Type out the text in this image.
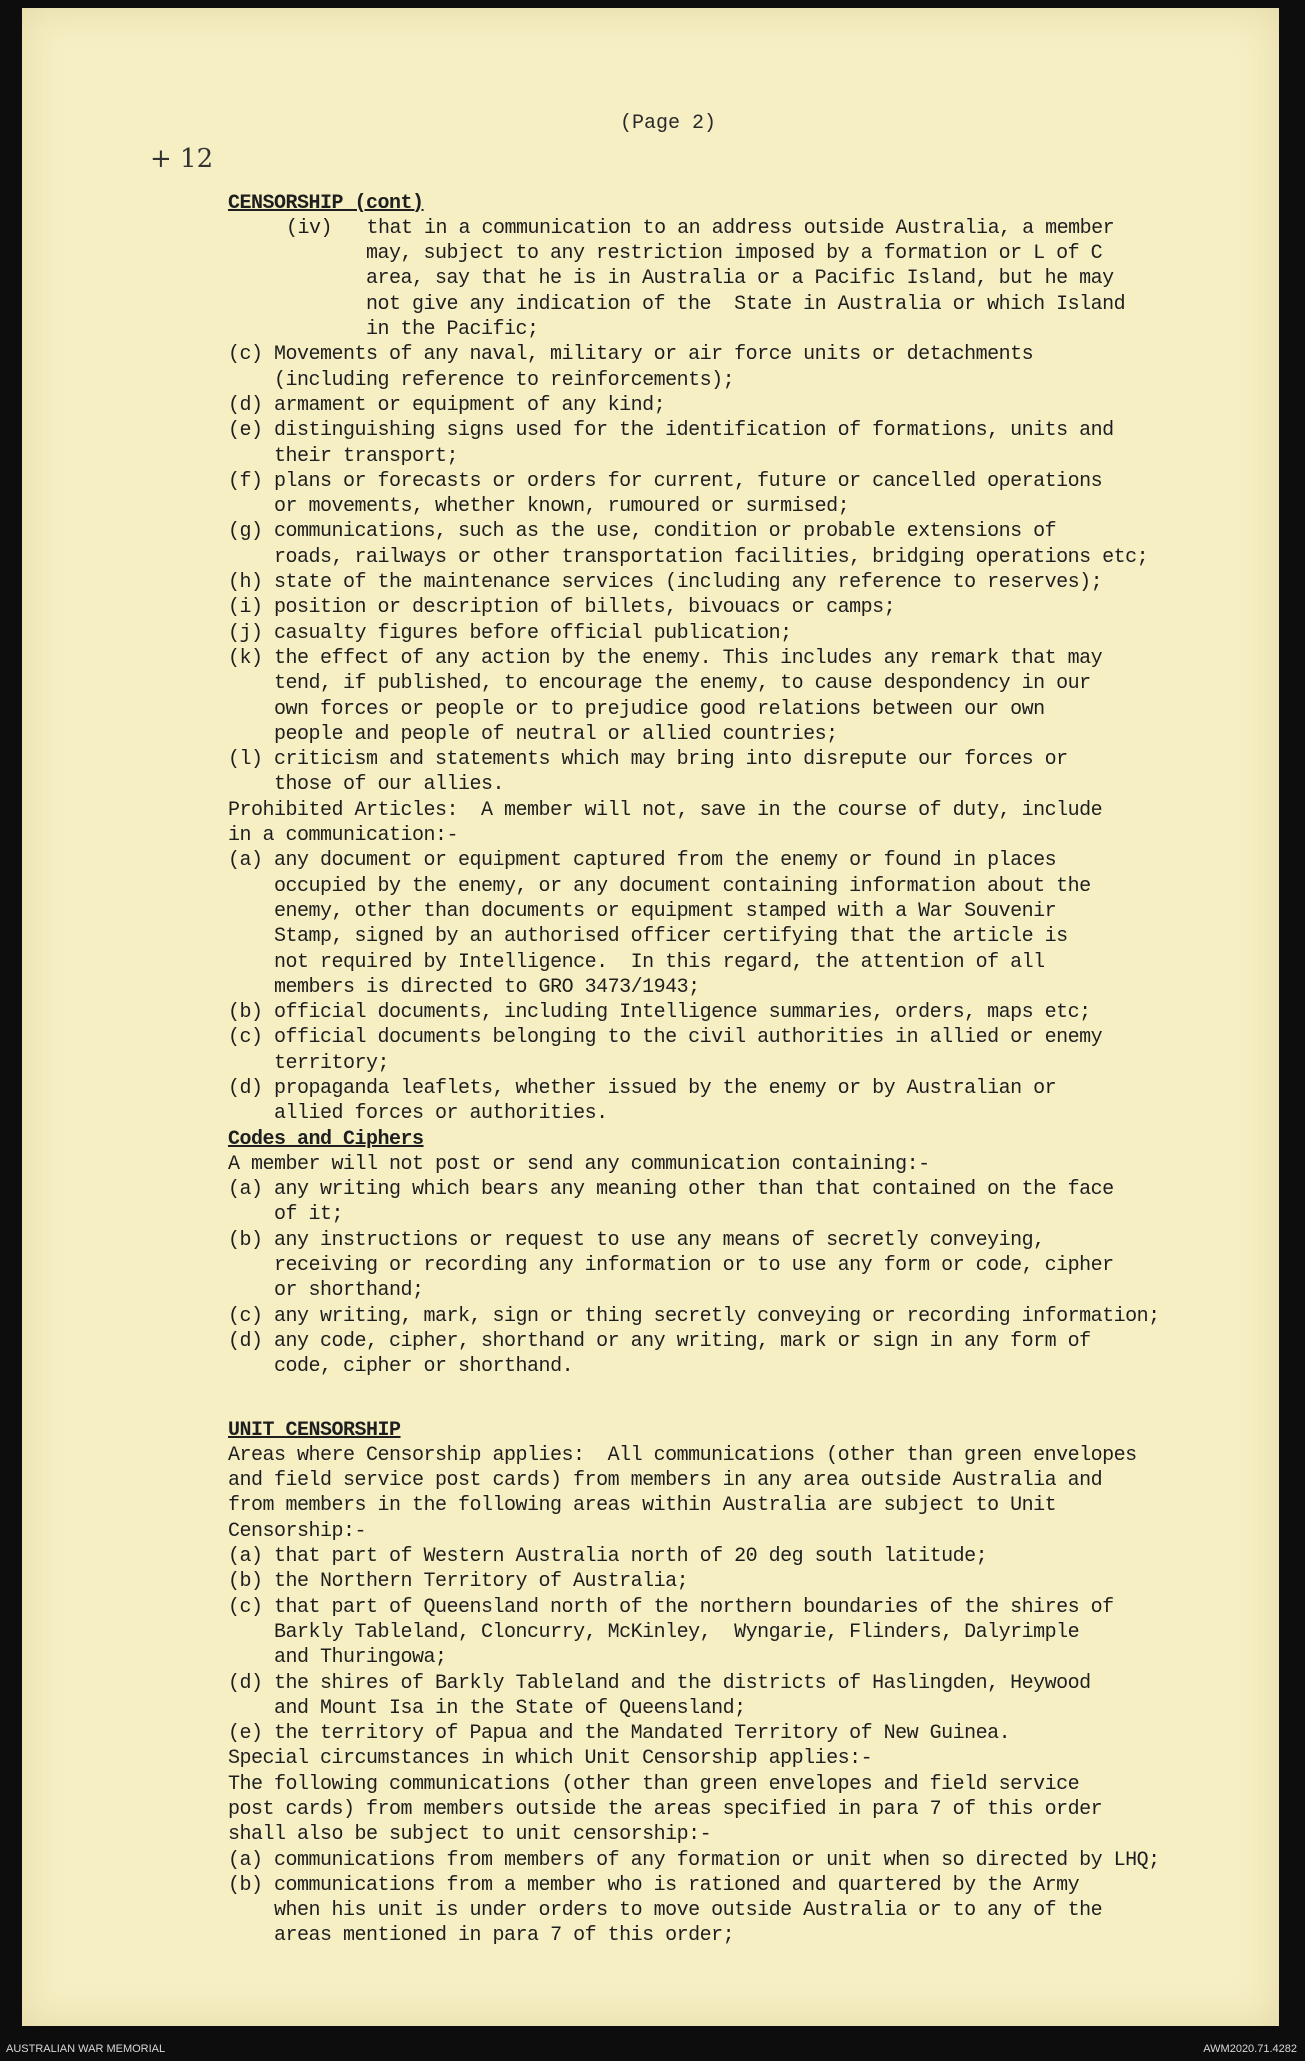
(Page 2)
+ 12

CENSORSHIP (cont)

(iv)   that in a communication to an address outside Australia, a member

may, subject to any restriction imposed by a formation or L of C

area, say that he is in Australia or a Pacific Island, but he may

not give any indication of the  State in Australia or which Island

in the Pacific;

(c) Movements of any naval, military or air force units or detachments

(including reference to reinforcements);

(d) armament or equipment of any kind;

(e) distinguishing signs used for the identification of formations, units and

their transport;

(f) plans or forecasts or orders for current, future or cancelled operations

or movements, whether known, rumoured or surmised;

(g) communications, such as the use, condition or probable extensions of

roads, railways or other transportation facilities, bridging operations etc;

(h) state of the maintenance services (including any reference to reserves);

(i) position or description of billets, bivouacs or camps;

(j) casualty figures before official publication;

(k) the effect of any action by the enemy. This includes any remark that may

tend, if published, to encourage the enemy, to cause despondency in our

own forces or people or to prejudice good relations between our own

people and people of neutral or allied countries;

(l) criticism and statements which may bring into disrepute our forces or

those of our allies.

Prohibited Articles:  A member will not, save in the course of duty, include

in a communication:-

(a) any document or equipment captured from the enemy or found in places

occupied by the enemy, or any document containing information about the

enemy, other than documents or equipment stamped with a War Souvenir

Stamp, signed by an authorised officer certifying that the article is

not required by Intelligence.  In this regard, the attention of all

members is directed to GRO 3473/1943;

(b) official documents, including Intelligence summaries, orders, maps etc;

(c) official documents belonging to the civil authorities in allied or enemy

territory;

(d) propaganda leaflets, whether issued by the enemy or by Australian or

allied forces or authorities.

Codes and Ciphers

A member will not post or send any communication containing:-

(a) any writing which bears any meaning other than that contained on the face

of it;

(b) any instructions or request to use any means of secretly conveying,

receiving or recording any information or to use any form or code, cipher

or shorthand;

(c) any writing, mark, sign or thing secretly conveying or recording information;

(d) any code, cipher, shorthand or any writing, mark or sign in any form of

code, cipher or shorthand.

UNIT CENSORSHIP

Areas where Censorship applies:  All communications (other than green envelopes

and field service post cards) from members in any area outside Australia and

from members in the following areas within Australia are subject to Unit

Censorship:-

(a) that part of Western Australia north of 20 deg south latitude;

(b) the Northern Territory of Australia;

(c) that part of Queensland north of the northern boundaries of the shires of

Barkly Tableland, Cloncurry, McKinley,  Wyngarie, Flinders, Dalyrimple

and Thuringowa;

(d) the shires of Barkly Tableland and the districts of Haslingden, Heywood

and Mount Isa in the State of Queensland;

(e) the territory of Papua and the Mandated Territory of New Guinea.

Special circumstances in which Unit Censorship applies:-

The following communications (other than green envelopes and field service

post cards) from members outside the areas specified in para 7 of this order

shall also be subject to unit censorship:-

(a) communications from members of any formation or unit when so directed by LHQ;

(b) communications from a member who is rationed and quartered by the Army

when his unit is under orders to move outside Australia or to any of the

areas mentioned in para 7 of this order;

AUSTRALIAN WAR MEMORIAL	AWM2020.71.4282
